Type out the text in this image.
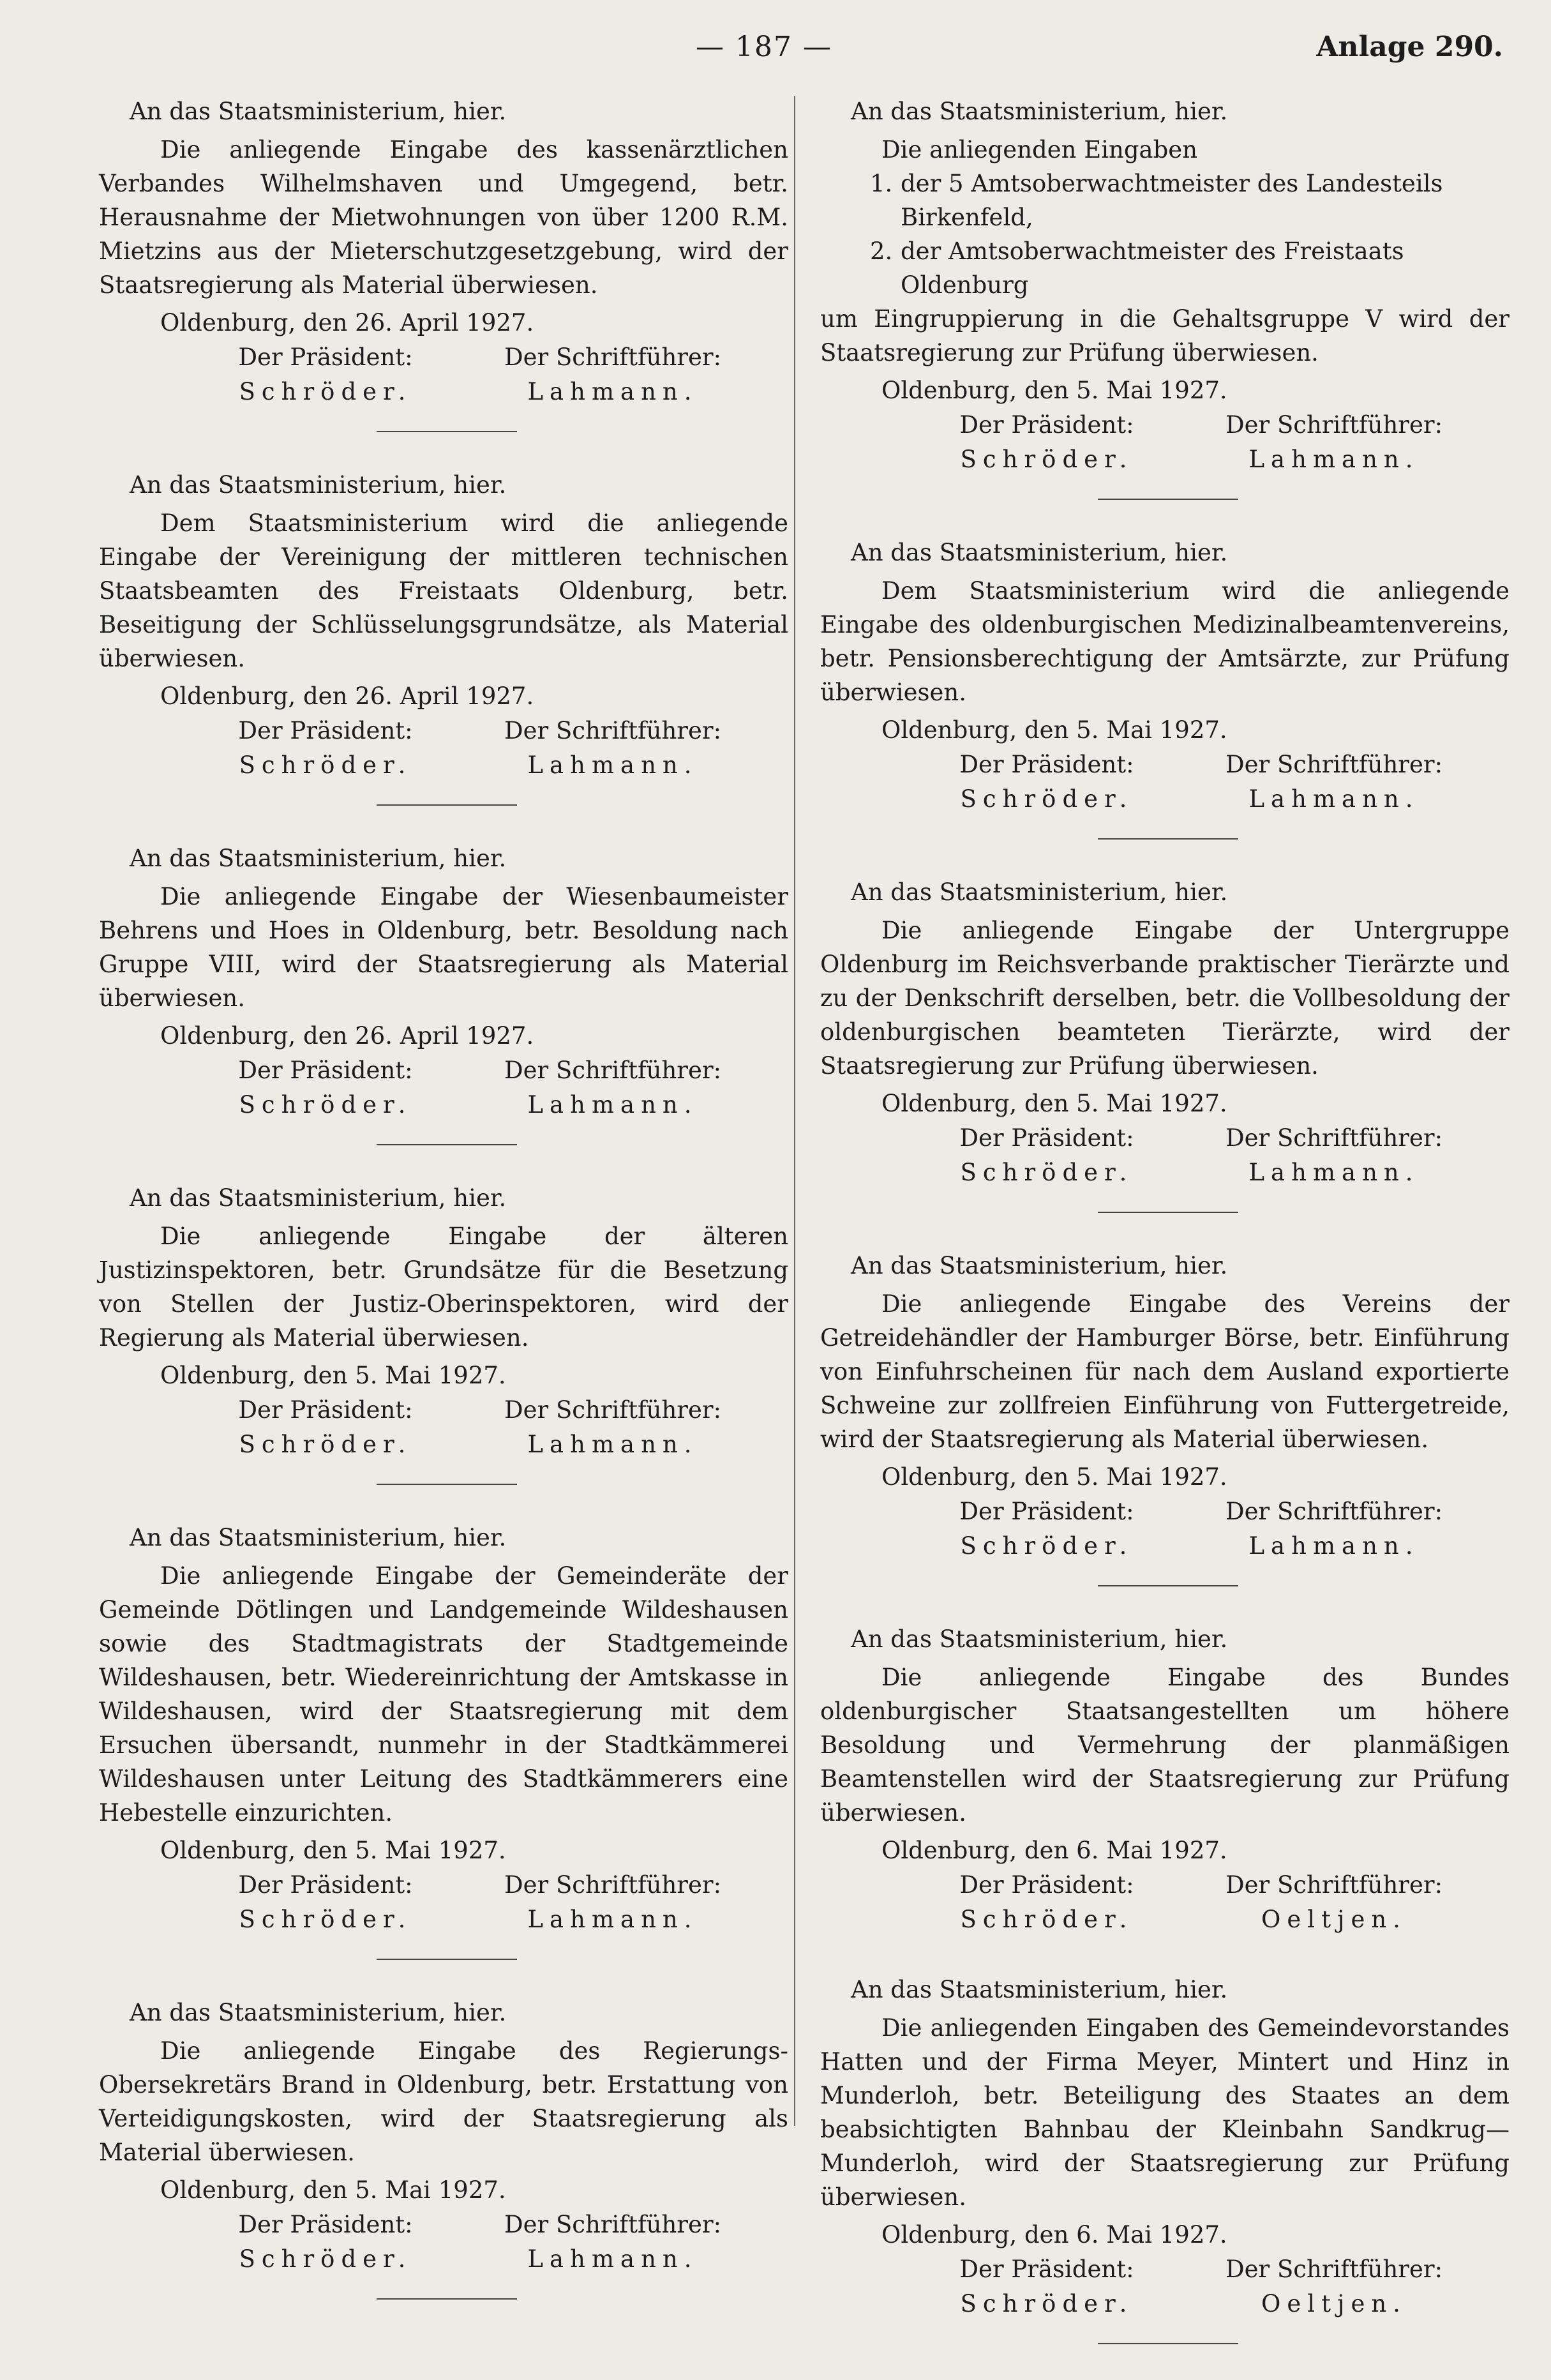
— 187 —	Anlage 290.
An das Staatsministerium, hier.

Die anliegende Eingabe des kassenärztlichen Verbandes Wilhelmshaven und Umgegend, betr. Herausnahme der Mietwohnungen von über 1200 R.M. Mietzins aus der Mieterschutzgesetzgebung, wird der Staatsregierung als Material überwiesen.

Oldenburg, den 26. April 1927.
Der Präsident:
Schröder.
Der Schriftführer:
Lahmann.
An das Staatsministerium, hier.

Dem Staatsministerium wird die anliegende Eingabe der Vereinigung der mittleren technischen Staatsbeamten des Freistaats Oldenburg, betr. Beseitigung der Schlüsselungsgrundsätze, als Material überwiesen.

Oldenburg, den 26. April 1927.
Der Präsident:
Schröder.
Der Schriftführer:
Lahmann.
An das Staatsministerium, hier.

Die anliegende Eingabe der Wiesenbaumeister Behrens und Hoes in Oldenburg, betr. Besoldung nach Gruppe VIII, wird der Staatsregierung als Material überwiesen.

Oldenburg, den 26. April 1927.
Der Präsident:
Schröder.
Der Schriftführer:
Lahmann.
An das Staatsministerium, hier.

Die anliegende Eingabe der älteren Justizinspektoren, betr. Grundsätze für die Besetzung von Stellen der Justiz-Oberinspektoren, wird der Regierung als Material überwiesen.

Oldenburg, den 5. Mai 1927.
Der Präsident:
Schröder.
Der Schriftführer:
Lahmann.
An das Staatsministerium, hier.

Die anliegende Eingabe der Gemeinderäte der Gemeinde Dötlingen und Landgemeinde Wildeshausen sowie des Stadtmagistrats der Stadtgemeinde Wildeshausen, betr. Wiedereinrichtung der Amtskasse in Wildeshausen, wird der Staatsregierung mit dem Ersuchen übersandt, nunmehr in der Stadtkämmerei Wildeshausen unter Leitung des Stadtkämmerers eine Hebestelle einzurichten.

Oldenburg, den 5. Mai 1927.
Der Präsident:
Schröder.
Der Schriftführer:
Lahmann.
An das Staatsministerium, hier.

Die anliegende Eingabe des Regierungs-Obersekretärs Brand in Oldenburg, betr. Erstattung von Verteidigungskosten, wird der Staatsregierung als Material überwiesen.

Oldenburg, den 5. Mai 1927.
Der Präsident:
Schröder.
Der Schriftführer:
Lahmann.
An das Staatsministerium, hier.

Die anliegenden Eingaben

1. der 5 Amtsoberwachtmeister des Landesteils Birkenfeld,
2. der Amtsoberwachtmeister des Freistaats Oldenburg

um Eingruppierung in die Gehaltsgruppe V wird der Staatsregierung zur Prüfung überwiesen.

Oldenburg, den 5. Mai 1927.
Der Präsident:
Schröder.
Der Schriftführer:
Lahmann.
An das Staatsministerium, hier.

Dem Staatsministerium wird die anliegende Eingabe des oldenburgischen Medizinalbeamtenvereins, betr. Pensionsberechtigung der Amtsärzte, zur Prüfung überwiesen.

Oldenburg, den 5. Mai 1927.
Der Präsident:
Schröder.
Der Schriftführer:
Lahmann.
An das Staatsministerium, hier.

Die anliegende Eingabe der Untergruppe Oldenburg im Reichsverbande praktischer Tierärzte und zu der Denkschrift derselben, betr. die Vollbesoldung der oldenburgischen beamteten Tierärzte, wird der Staatsregierung zur Prüfung überwiesen.

Oldenburg, den 5. Mai 1927.
Der Präsident:
Schröder.
Der Schriftführer:
Lahmann.
An das Staatsministerium, hier.

Die anliegende Eingabe des Vereins der Getreidehändler der Hamburger Börse, betr. Einführung von Einfuhrscheinen für nach dem Ausland exportierte Schweine zur zollfreien Einführung von Futtergetreide, wird der Staatsregierung als Material überwiesen.

Oldenburg, den 5. Mai 1927.
Der Präsident:
Schröder.
Der Schriftführer:
Lahmann.
An das Staatsministerium, hier.

Die anliegende Eingabe des Bundes oldenburgischer Staatsangestellten um höhere Besoldung und Vermehrung der planmäßigen Beamtenstellen wird der Staatsregierung zur Prüfung überwiesen.

Oldenburg, den 6. Mai 1927.
Der Präsident:
Schröder.
Der Schriftführer:
Oeltjen.
An das Staatsministerium, hier.

Die anliegenden Eingaben des Gemeindevorstandes Hatten und der Firma Meyer, Mintert und Hinz in Munderloh, betr. Beteiligung des Staates an dem beabsichtigten Bahnbau der Kleinbahn Sandkrug—Munderloh, wird der Staatsregierung zur Prüfung überwiesen.

Oldenburg, den 6. Mai 1927.
Der Präsident:
Schröder.
Der Schriftführer:
Oeltjen.
